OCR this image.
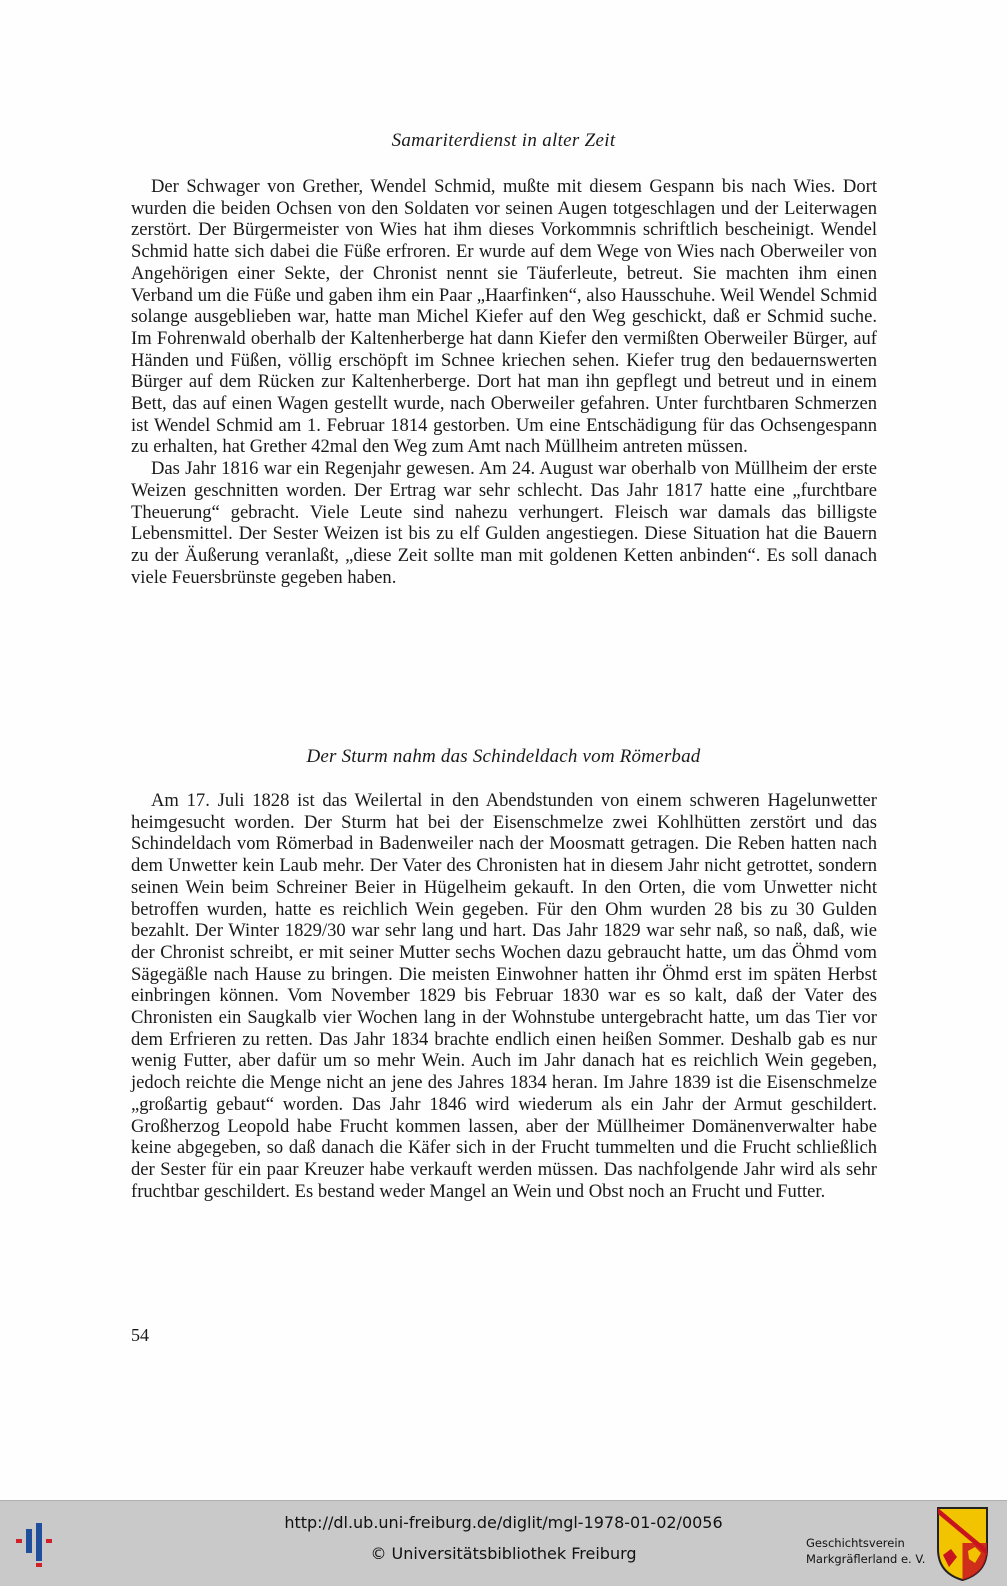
Samariterdienst in alter Zeit

Der Schwager von Grether, Wendel Schmid, mußte mit diesem Gespann bis nach Wies. Dort wurden die beiden Ochsen von den Soldaten vor seinen Augen totgeschlagen und der Leiterwagen zerstört. Der Bürgermeister von Wies hat ihm dieses Vorkommnis schriftlich bescheinigt. Wendel Schmid hatte sich dabei die Füße erfroren. Er wurde auf dem Wege von Wies nach Oberweiler von Angehörigen einer Sekte, der Chronist nennt sie Täuferleute, betreut. Sie machten ihm einen Verband um die Füße und gaben ihm ein Paar „Haarfinken“, also Hausschuhe. Weil Wendel Schmid solange ausgeblieben war, hatte man Michel Kiefer auf den Weg geschickt, daß er Schmid suche. Im Fohrenwald oberhalb der Kaltenherberge hat dann Kiefer den vermißten Oberweiler Bürger, auf Händen und Füßen, völlig erschöpft im Schnee kriechen sehen. Kiefer trug den bedauernswerten Bürger auf dem Rücken zur Kaltenherberge. Dort hat man ihn gepflegt und betreut und in einem Bett, das auf einen Wagen gestellt wurde, nach Oberweiler gefahren. Unter furchtbaren Schmerzen ist Wendel Schmid am 1. Februar 1814 gestorben. Um eine Entschädigung für das Ochsengespann zu erhalten, hat Grether 42mal den Weg zum Amt nach Müllheim antreten müssen.

Das Jahr 1816 war ein Regenjahr gewesen. Am 24. August war oberhalb von Müllheim der erste Weizen geschnitten worden. Der Ertrag war sehr schlecht. Das Jahr 1817 hatte eine „furchtbare Theuerung“ gebracht. Viele Leute sind nahezu verhungert. Fleisch war damals das billigste Lebensmittel. Der Sester Weizen ist bis zu elf Gulden angestiegen. Diese Situation hat die Bauern zu der Äußerung veranlaßt, „diese Zeit sollte man mit goldenen Ketten anbinden“. Es soll danach viele Feuersbrünste gegeben haben.

Der Sturm nahm das Schindeldach vom Römerbad

Am 17. Juli 1828 ist das Weilertal in den Abendstunden von einem schweren Hagelunwetter heimgesucht worden. Der Sturm hat bei der Eisenschmelze zwei Kohlhütten zerstört und das Schindeldach vom Römerbad in Badenweiler nach der Moosmatt getragen. Die Reben hatten nach dem Unwetter kein Laub mehr. Der Vater des Chronisten hat in diesem Jahr nicht getrottet, sondern seinen Wein beim Schreiner Beier in Hügelheim gekauft. In den Orten, die vom Unwetter nicht betroffen wurden, hatte es reichlich Wein gegeben. Für den Ohm wurden 28 bis zu 30 Gulden bezahlt. Der Winter 1829/30 war sehr lang und hart. Das Jahr 1829 war sehr naß, so naß, daß, wie der Chronist schreibt, er mit seiner Mutter sechs Wochen dazu gebraucht hatte, um das Öhmd vom Sägegäßle nach Hause zu bringen. Die meisten Einwohner hatten ihr Öhmd erst im späten Herbst einbringen können. Vom November 1829 bis Februar 1830 war es so kalt, daß der Vater des Chronisten ein Saugkalb vier Wochen lang in der Wohnstube untergebracht hatte, um das Tier vor dem Erfrieren zu retten. Das Jahr 1834 brachte endlich einen heißen Sommer. Deshalb gab es nur wenig Futter, aber dafür um so mehr Wein. Auch im Jahr danach hat es reichlich Wein gegeben, jedoch reichte die Menge nicht an jene des Jahres 1834 heran. Im Jahre 1839 ist die Eisenschmelze „großartig gebaut“ worden. Das Jahr 1846 wird wiederum als ein Jahr der Armut geschildert. Großherzog Leopold habe Frucht kommen lassen, aber der Müllheimer Domänenverwalter habe keine abgegeben, so daß danach die Käfer sich in der Frucht tummelten und die Frucht schließlich der Sester für ein paar Kreuzer habe verkauft werden müssen. Das nachfolgende Jahr wird als sehr fruchtbar geschildert. Es bestand weder Mangel an Wein und Obst noch an Frucht und Futter.

54
http://dl.ub.uni-freiburg.de/diglit/mgl-1978-01-02/0056
© Universitätsbibliothek Freiburg
Geschichtsverein
Markgräflerland e. V.
